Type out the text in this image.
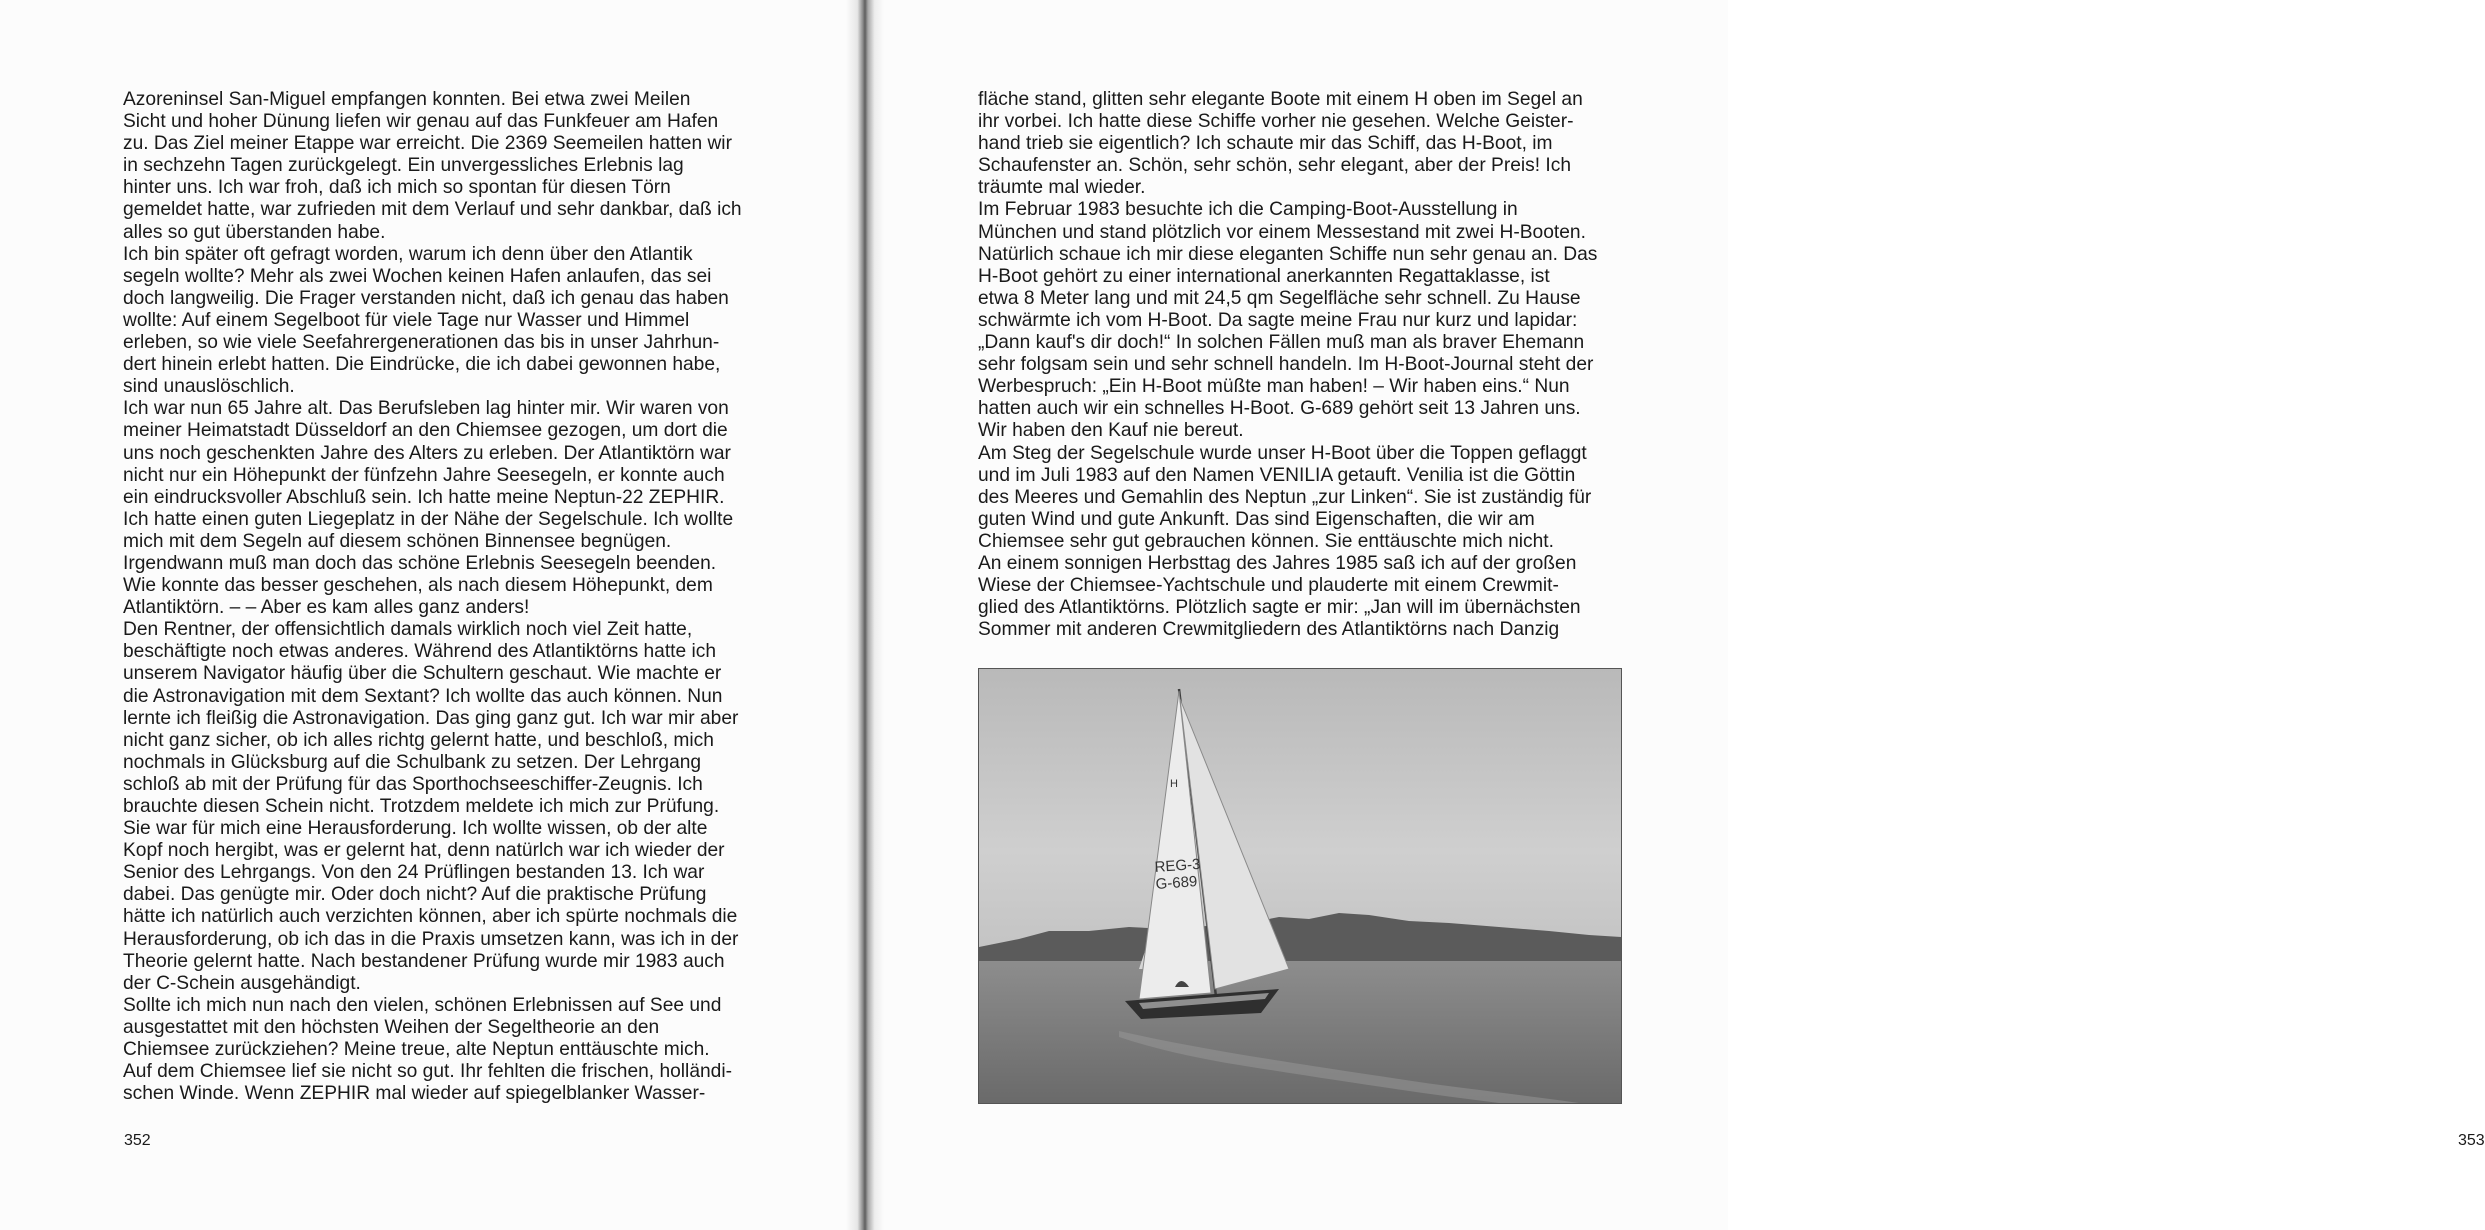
Azoreninsel San-Miguel empfangen konnten. Bei etwa zwei Meilen
Sicht und hoher Dünung liefen wir genau auf das Funkfeuer am Hafen
zu. Das Ziel meiner Etappe war erreicht. Die 2369 Seemeilen hatten wir
in sechzehn Tagen zurückgelegt. Ein unvergessliches Erlebnis lag
hinter uns. Ich war froh, daß ich mich so spontan für diesen Törn
gemeldet hatte, war zufrieden mit dem Verlauf und sehr dankbar, daß ich
alles so gut überstanden habe.
Ich bin später oft gefragt worden, warum ich denn über den Atlantik
segeln wollte? Mehr als zwei Wochen keinen Hafen anlaufen, das sei
doch langweilig. Die Frager verstanden nicht, daß ich genau das haben
wollte: Auf einem Segelboot für viele Tage nur Wasser und Himmel
erleben, so wie viele Seefahrergenerationen das bis in unser Jahrhun-
dert hinein erlebt hatten. Die Eindrücke, die ich dabei gewonnen habe,
sind unauslöschlich.
Ich war nun 65 Jahre alt. Das Berufsleben lag hinter mir. Wir waren von
meiner Heimatstadt Düsseldorf an den Chiemsee gezogen, um dort die
uns noch geschenkten Jahre des Alters zu erleben. Der Atlantiktörn war
nicht nur ein Höhepunkt der fünfzehn Jahre Seesegeln, er konnte auch
ein eindrucksvoller Abschluß sein. Ich hatte meine Neptun-22 ZEPHIR.
Ich hatte einen guten Liegeplatz in der Nähe der Segelschule. Ich wollte
mich mit dem Segeln auf diesem schönen Binnensee begnügen.
Irgendwann muß man doch das schöne Erlebnis Seesegeln beenden.
Wie konnte das besser geschehen, als nach diesem Höhepunkt, dem
Atlantiktörn. – – Aber es kam alles ganz anders!
Den Rentner, der offensichtlich damals wirklich noch viel Zeit hatte,
beschäftigte noch etwas anderes. Während des Atlantiktörns hatte ich
unserem Navigator häufig über die Schultern geschaut. Wie machte er
die Astronavigation mit dem Sextant? Ich wollte das auch können. Nun
lernte ich fleißig die Astronavigation. Das ging ganz gut. Ich war mir aber
nicht ganz sicher, ob ich alles richtg gelernt hatte, und beschloß, mich
nochmals in Glücksburg auf die Schulbank zu setzen. Der Lehrgang
schloß ab mit der Prüfung für das Sporthochseeschiffer-Zeugnis. Ich
brauchte diesen Schein nicht. Trotzdem meldete ich mich zur Prüfung.
Sie war für mich eine Herausforderung. Ich wollte wissen, ob der alte
Kopf noch hergibt, was er gelernt hat, denn natürlch war ich wieder der
Senior des Lehrgangs. Von den 24 Prüflingen bestanden 13. Ich war
dabei. Das genügte mir. Oder doch nicht? Auf die praktische Prüfung
hätte ich natürlich auch verzichten können, aber ich spürte nochmals die
Herausforderung, ob ich das in die Praxis umsetzen kann, was ich in der
Theorie gelernt hatte. Nach bestandener Prüfung wurde mir 1983 auch
der C-Schein ausgehändigt.
Sollte ich mich nun nach den vielen, schönen Erlebnissen auf See und
ausgestattet mit den höchsten Weihen der Segeltheorie an den
Chiemsee zurückziehen? Meine treue, alte Neptun enttäuschte mich.
Auf dem Chiemsee lief sie nicht so gut. Ihr fehlten die frischen, holländi-
schen Winde. Wenn ZEPHIR mal wieder auf spiegelblanker Wasser-
352	353
fläche stand, glitten sehr elegante Boote mit einem H oben im Segel an
ihr vorbei. Ich hatte diese Schiffe vorher nie gesehen. Welche Geister-
hand trieb sie eigentlich? Ich schaute mir das Schiff, das H-Boot, im
Schaufenster an. Schön, sehr schön, sehr elegant, aber der Preis! Ich
träumte mal wieder.
Im Februar 1983 besuchte ich die Camping-Boot-Ausstellung in
München und stand plötzlich vor einem Messestand mit zwei H-Booten.
Natürlich schaue ich mir diese eleganten Schiffe nun sehr genau an. Das
H-Boot gehört zu einer international anerkannten Regattaklasse, ist
etwa 8 Meter lang und mit 24,5 qm Segelfläche sehr schnell. Zu Hause
schwärmte ich vom H-Boot. Da sagte meine Frau nur kurz und lapidar:
„Dann kauf's dir doch!“ In solchen Fällen muß man als braver Ehemann
sehr folgsam sein und sehr schnell handeln. Im H-Boot-Journal steht der
Werbespruch: „Ein H-Boot müßte man haben! – Wir haben eins.“ Nun
hatten auch wir ein schnelles H-Boot. G-689 gehört seit 13 Jahren uns.
Wir haben den Kauf nie bereut.
Am Steg der Segelschule wurde unser H-Boot über die Toppen geflaggt
und im Juli 1983 auf den Namen VENILIA getauft. Venilia ist die Göttin
des Meeres und Gemahlin des Neptun „zur Linken“. Sie ist zuständig für
guten Wind und gute Ankunft. Das sind Eigenschaften, die wir am
Chiemsee sehr gut gebrauchen können. Sie enttäuschte mich nicht.
An einem sonnigen Herbsttag des Jahres 1985 saß ich auf der großen
Wiese der Chiemsee-Yachtschule und plauderte mit einem Crewmit-
glied des Atlantiktörns. Plötzlich sagte er mir: „Jan will im übernächsten
Sommer mit anderen Crewmitgliedern des Atlantiktörns nach Danzig
H
REG-3
G-689
